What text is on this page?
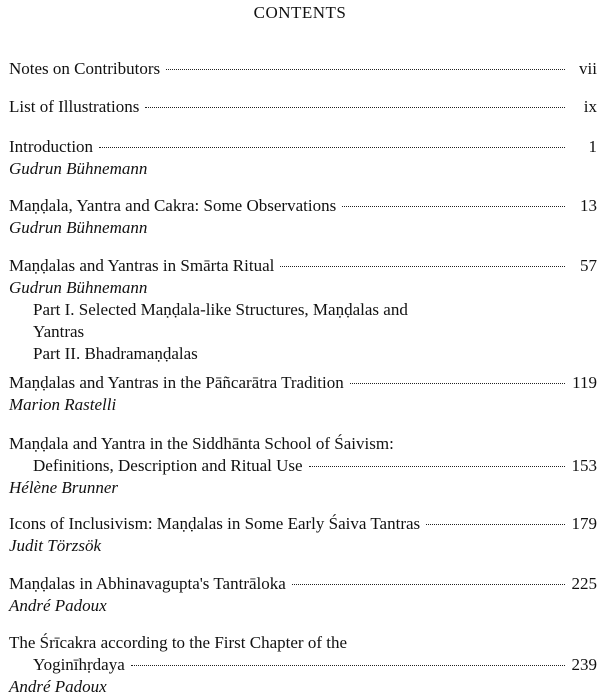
CONTENTS
Notes on Contributors	vii
List of Illustrations	ix
Introduction	1
Gudrun Bühnemann
Maṇḍala, Yantra and Cakra: Some Observations	13
Gudrun Bühnemann
Maṇḍalas and Yantras in Smārta Ritual	57
Gudrun Bühnemann
Part I. Selected Maṇḍala-like Structures, Maṇḍalas and
Yantras
Part II. Bhadramaṇḍalas
Maṇḍalas and Yantras in the Pāñcarātra Tradition	119
Marion Rastelli
Maṇḍala and Yantra in the Siddhānta School of Śaivism:
Definitions, Description and Ritual Use	153
Hélène Brunner
Icons of Inclusivism: Maṇḍalas in Some Early Śaiva Tantras	179
Judit Törzsök
Maṇḍalas in Abhinavagupta's Tantrāloka	225
André Padoux
The Śrīcakra according to the First Chapter of the
Yoginīhṛdaya	239
André Padoux
